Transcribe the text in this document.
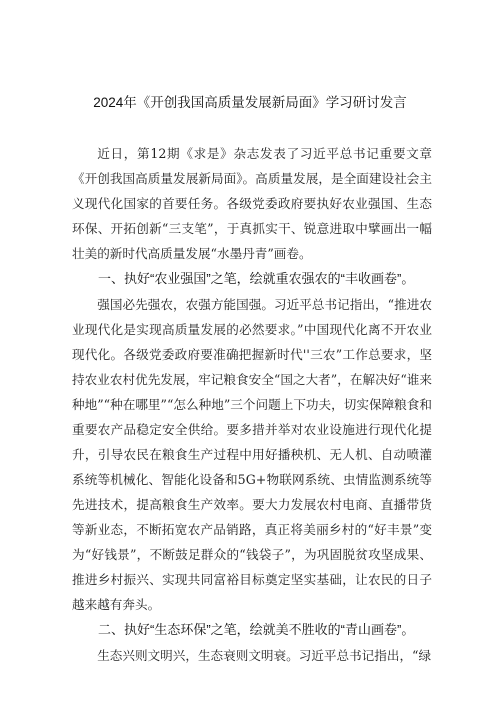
2024年《开创我国高质量发展新局面》学习研讨发言

近日，第12期《求是》杂志发表了习近平总书记重要文章《开创我国高质量发展新局面》。高质量发展，是全面建设社会主义现代化国家的首要任务。各级党委政府要执好农业强国、生态环保、开拓创新“三支笔”，于真抓实干、锐意进取中擘画出一幅壮美的新时代高质量发展“水墨丹青”画卷。

一、执好“农业强国”之笔，绘就重农强农的“丰收画卷”。

强国必先强农，农强方能国强。习近平总书记指出，“推进农业现代化是实现高质量发展的必然要求。”中国现代化离不开农业现代化。各级党委政府要准确把握新时代''三农”工作总要求，坚持农业农村优先发展，牢记粮食安全“国之大者”，在解决好“谁来种地”“种在哪里”“怎么种地”三个问题上下功夫，切实保障粮食和重要农产品稳定安全供给。要多措并举对农业设施进行现代化提升，引导农民在粮食生产过程中用好播秧机、无人机、自动喷灌系统等机械化、智能化设备和5G+物联网系统、虫情监测系统等先进技术，提高粮食生产效率。要大力发展农村电商、直播带货等新业态，不断拓宽农产品销路，真正将美丽乡村的“好丰景”变为“好钱景”，不断鼓足群众的“钱袋子”，为巩固脱贫攻坚成果、推进乡村振兴、实现共同富裕目标奠定坚实基础，让农民的日子越来越有奔头。

二、执好“生态环保”之笔，绘就美不胜收的“青山画卷”。

生态兴则文明兴，生态衰则文明衰。习近平总书记指出，“绿
